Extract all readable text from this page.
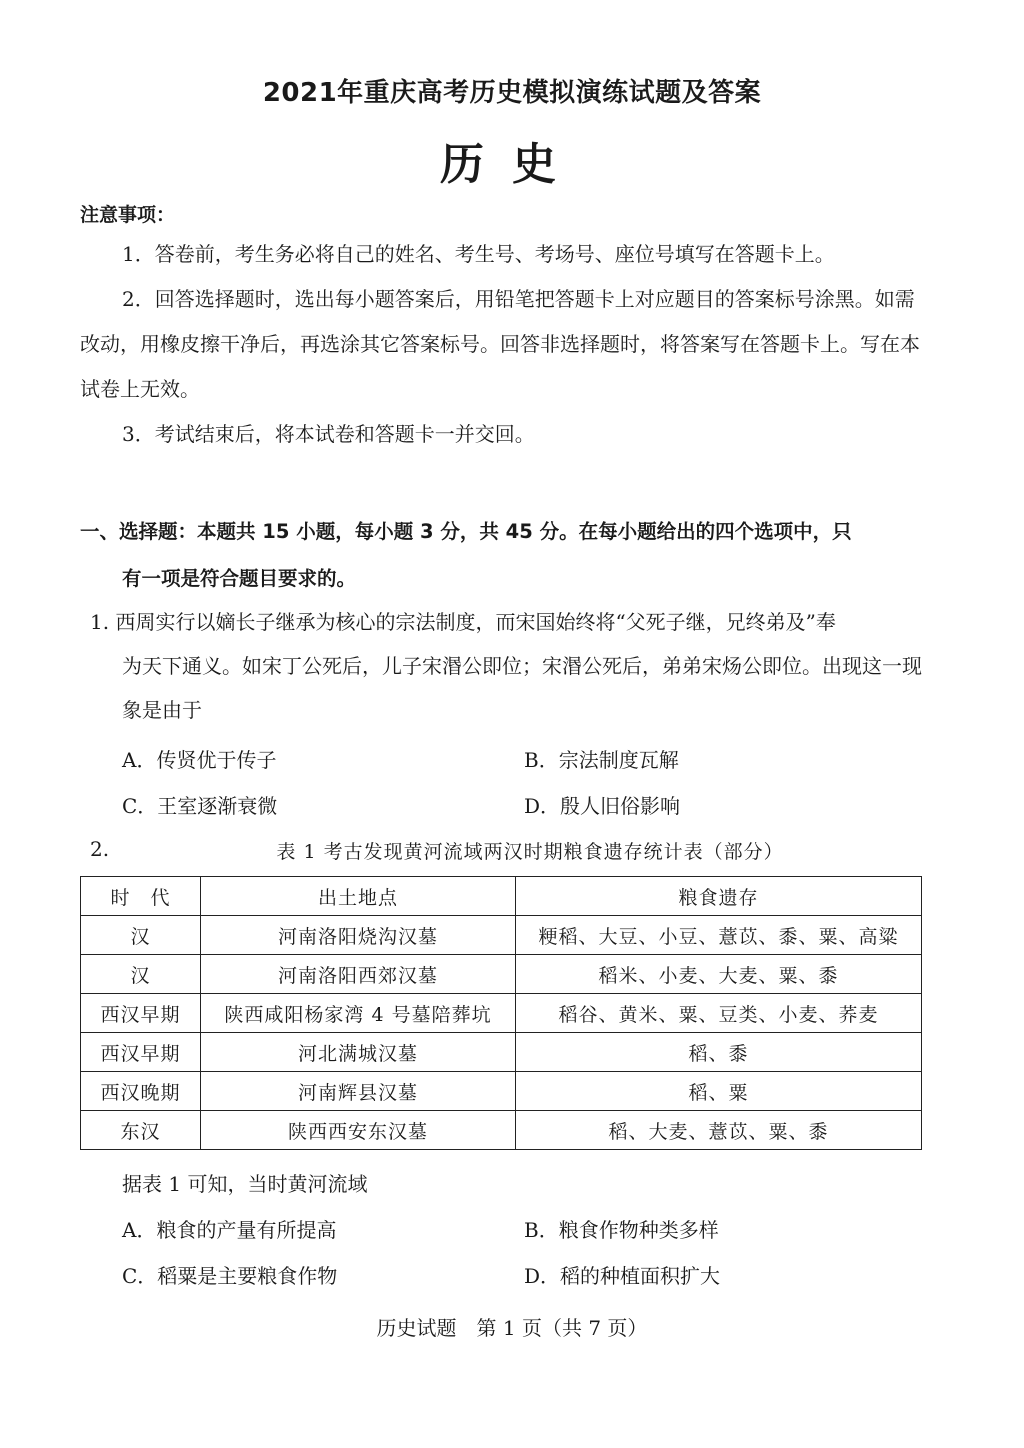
2021年重庆高考历史模拟演练试题及答案
历史
注意事项：

1．答卷前，考生务必将自己的姓名、考生号、考场号、座位号填写在答题卡上。

2．回答选择题时，选出每小题答案后，用铅笔把答题卡上对应题目的答案标号涂黑。如需改动，用橡皮擦干净后，再选涂其它答案标号。回答非选择题时，将答案写在答题卡上。写在本试卷上无效。

3．考试结束后，将本试卷和答题卡一并交回。

一、选择题：本题共 15 小题，每小题 3 分，共 45 分。在每小题给出的四个选项中，只
有一项是符合题目要求的。
1. 西周实行以嫡长子继承为核心的宗法制度，而宋国始终将“父死子继，兄终弟及”奉
为天下通义。如宋丁公死后，儿子宋湣公即位；宋湣公死后，弟弟宋炀公即位。出现这一现象是由于
A．传贤优于传子	B．宗法制度瓦解
C．王室逐渐衰微	D．殷人旧俗影响
2.	表 1 考古发现黄河流域两汉时期粮食遗存统计表（部分）
时　代	出土地点	粮食遗存
汉	河南洛阳烧沟汉墓	粳稻、大豆、小豆、薏苡、黍、粟、高粱
汉	河南洛阳西郊汉墓	稻米、小麦、大麦、粟、黍
西汉早期	陕西咸阳杨家湾 4 号墓陪葬坑	稻谷、黄米、粟、豆类、小麦、荞麦
西汉早期	河北满城汉墓	稻、黍
西汉晚期	河南辉县汉墓	稻、粟
东汉	陕西西安东汉墓	稻、大麦、薏苡、粟、黍
据表 1 可知，当时黄河流域
A．粮食的产量有所提高	B．粮食作物种类多样
C．稻粟是主要粮食作物	D．稻的种植面积扩大
历史试题　第 1 页（共 7 页）
